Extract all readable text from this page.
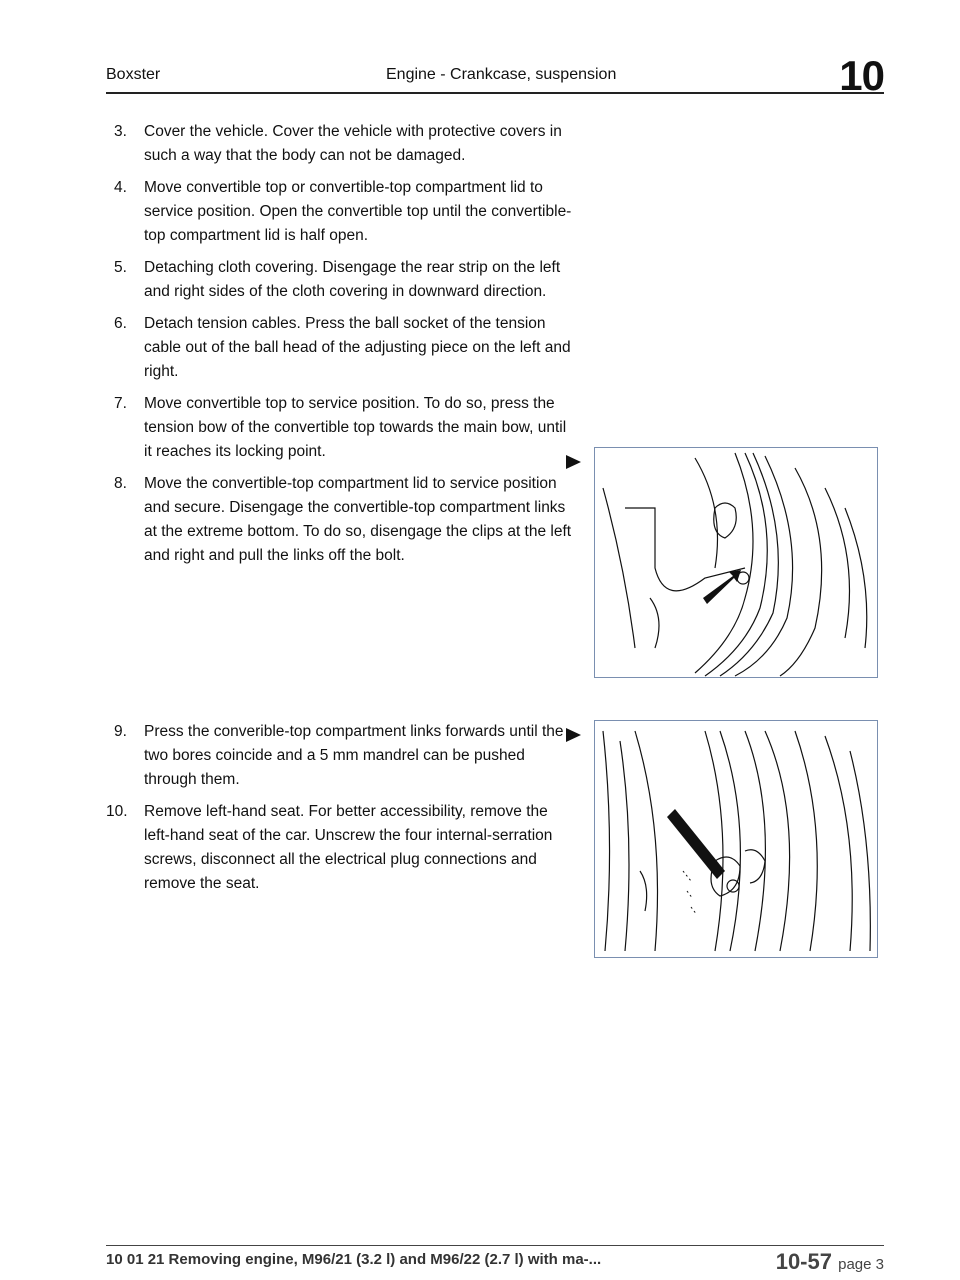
Boxster	Engine - Crankcase, suspension	10
3.	Cover the vehicle. Cover the vehicle with protective covers in such a way that the body can not be damaged.
4.	Move convertible top or convertible-top compartment lid to service position. Open the convertible top until the convertible-top compartment lid is half open.
5.	Detaching cloth covering. Disengage the rear strip on the left and right sides of the cloth covering in downward direction.
6.	Detach tension cables. Press the ball socket of the tension cable out of the ball head of the adjusting piece on the left and right.
7.	Move convertible top to service position. To do so, press the tension bow of the convertible top towards the main bow, until it reaches its locking point.
8.	Move the convertible-top compartment lid to service position and secure. Disengage the convertible-top compartment links at the extreme bottom. To do so, disengage the clips at the left and right and pull the links off the bolt.
9.	Press the converible-top compartment links forwards until the two bores coincide and a 5 mm mandrel can be pushed through them.
10. Remove left-hand seat. For better accessibility, remove the left-hand seat of the car. Unscrew the four internal-serration screws, disconnect all the electrical plug connections and remove the seat.
10 01 21 Removing engine, M96/21 (3.2 l) and M96/22 (2.7 l) with ma-...	10-57 page 3
